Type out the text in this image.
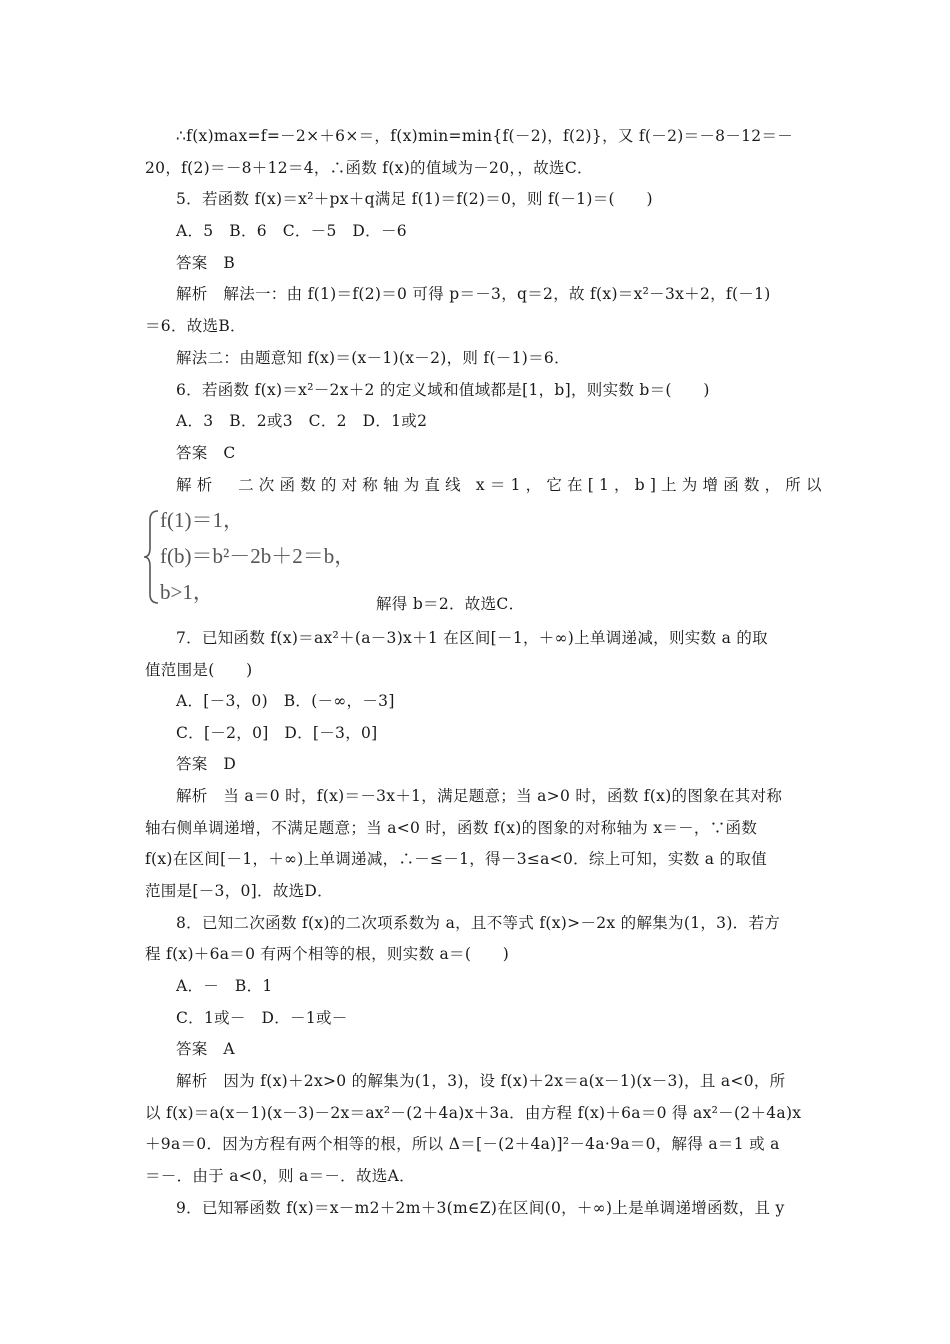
∴f(x)max=f=－2×＋6×＝，f(x)min=min{f(－2)，f(2)}，又 f(－2)＝－8－12＝－
20，f(2)＝－8＋12＝4，∴函数 f(x)的值域为－20，，故选C．
5．若函数 f(x)＝x²＋px＋q满足 f(1)＝f(2)＝0，则 f(－1)＝(　　)
A．5　B．6　C．－5　D．－6
答案　B
解析　解法一：由 f(1)＝f(2)＝0 可得 p＝－3，q＝2，故 f(x)＝x²－3x＋2，f(－1)
＝6．故选B．
解法二：由题意知 f(x)＝(x－1)(x－2)，则 f(－1)＝6．
6．若函数 f(x)＝x²－2x＋2 的定义域和值域都是[1，b]，则实数 b＝(　　)
A．3　B．2或3　C．2　D．1或2
答案　C
解析　二次函数的对称轴为直线 x＝1，它在[1，b]上为增函数，所以
f(1)＝1，
f(b)＝b²－2b＋2＝b，
b>1，	解得 b＝2．故选C．
7．已知函数 f(x)＝ax²＋(a－3)x＋1 在区间[－1，＋∞)上单调递减，则实数 a 的取
值范围是(　　)
A．[－3，0)　B．(－∞，－3]
C．[－2，0]　D．[－3，0]
答案　D
解析　当 a＝0 时，f(x)＝－3x＋1，满足题意；当 a>0 时，函数 f(x)的图象在其对称
轴右侧单调递增，不满足题意；当 a<0 时，函数 f(x)的图象的对称轴为 x＝－，∵函数
f(x)在区间[－1，＋∞)上单调递减，∴－≤－1，得－3≤a<0．综上可知，实数 a 的取值
范围是[－3，0]．故选D．
8．已知二次函数 f(x)的二次项系数为 a，且不等式 f(x)>－2x 的解集为(1，3)．若方
程 f(x)＋6a＝0 有两个相等的根，则实数 a＝(　　)
A．－　B．1
C．1或－　D．－1或－
答案　A
解析　因为 f(x)＋2x>0 的解集为(1，3)，设 f(x)＋2x＝a(x－1)(x－3)，且 a<0，所
以 f(x)＝a(x－1)(x－3)－2x＝ax²－(2＋4a)x＋3a．由方程 f(x)＋6a＝0 得 ax²－(2＋4a)x
＋9a＝0．因为方程有两个相等的根，所以 Δ＝[－(2＋4a)]²－4a·9a＝0，解得 a＝1 或 a
＝－．由于 a<0，则 a＝－．故选A．
9．已知幂函数 f(x)＝x－m2＋2m＋3(m∈Z)在区间(0，＋∞)上是单调递增函数，且 y
